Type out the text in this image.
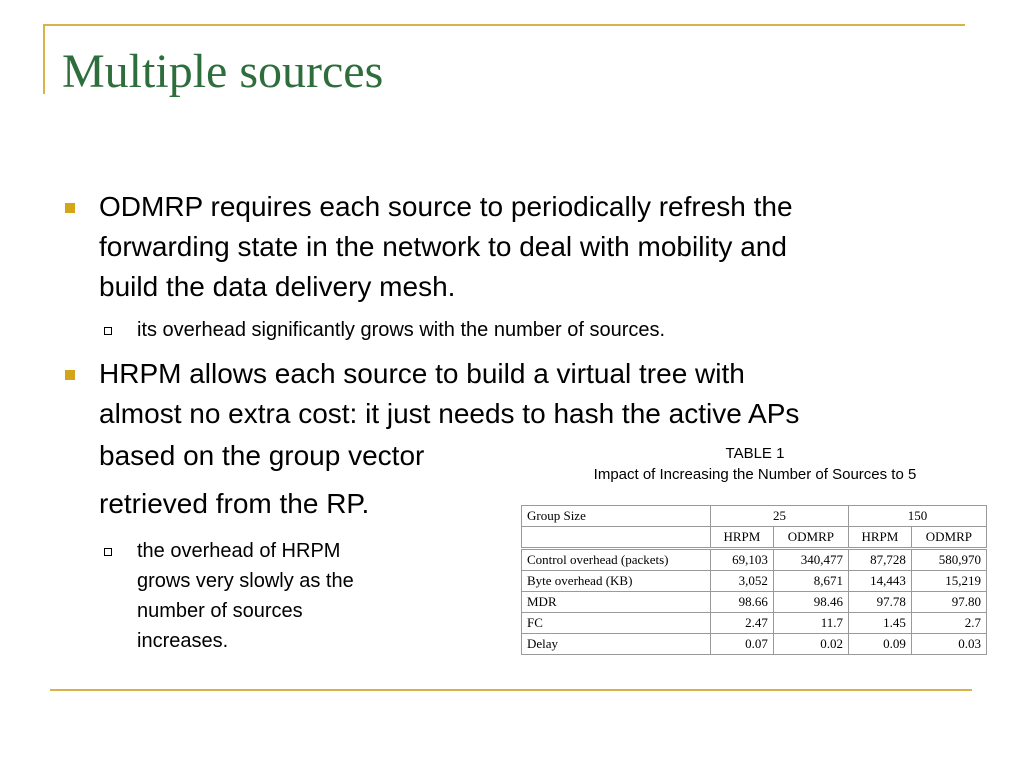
Multiple sources

ODMRP requires each source to periodically refresh the

forwarding state in the network to deal with mobility and

build the data delivery mesh.

its overhead significantly grows with the number of sources.

HRPM allows each source to build a virtual tree with

almost no extra cost: it just needs to hash the active APs

based on the group vector

retrieved from the RP.

the overhead of HRPM

grows very slowly as the

number of sources

increases.

TABLE 1

Impact of Increasing the Number of Sources to 5

Group Size	25		150	
	HRPM	ODMRP	HRPM	ODMRP
Control overhead (packets)	69,103	340,477	87,728	580,970
Byte overhead (KB)	3,052	8,671	14,443	15,219
MDR	98.66	98.46	97.78	97.80
FC	2.47	11.7	1.45	2.7
Delay	0.07	0.02	0.09	0.03
